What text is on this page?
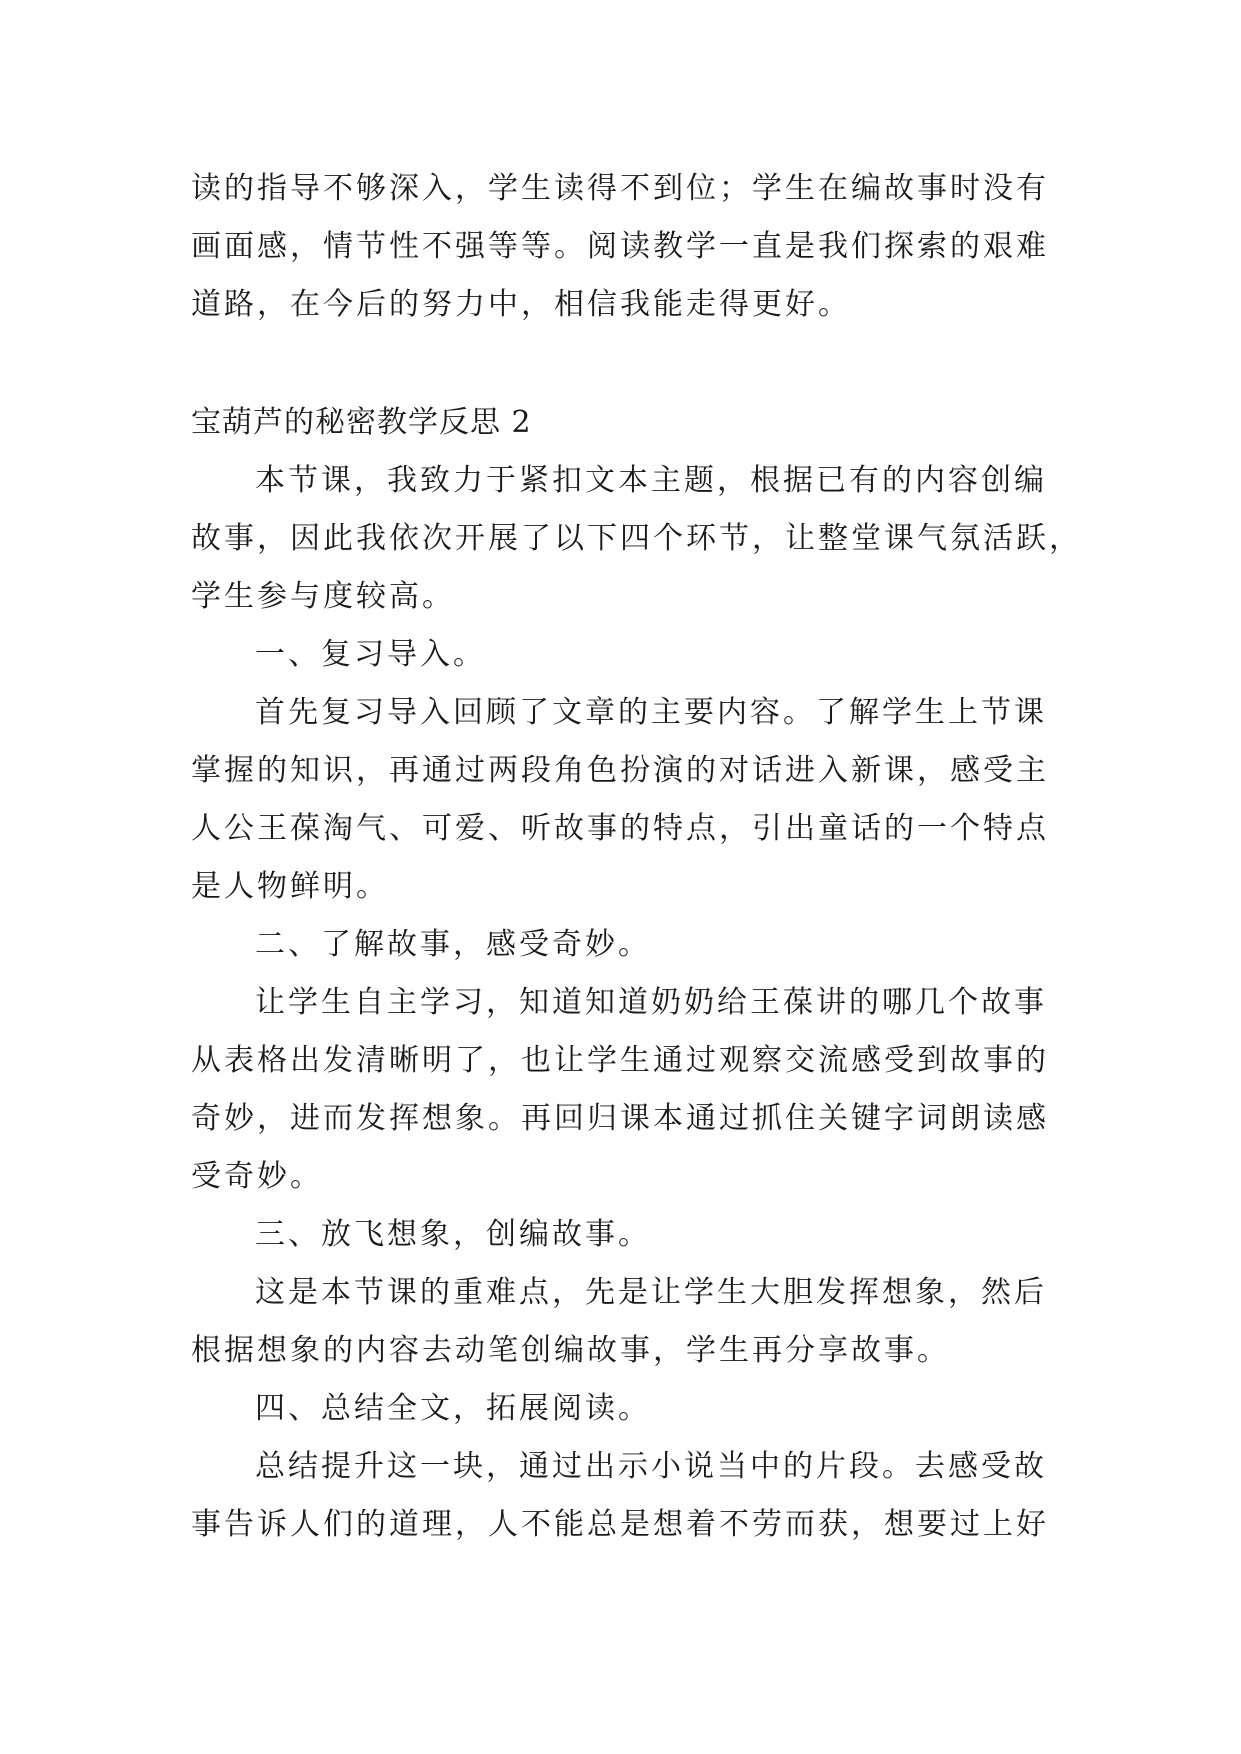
读的指导不够深入，学生读得不到位；学生在编故事时没有
画面感，情节性不强等等。阅读教学一直是我们探索的艰难
道路，在今后的努力中，相信我能走得更好。
宝葫芦的秘密教学反思 2
本节课，我致力于紧扣文本主题，根据已有的内容创编
故事，因此我依次开展了以下四个环节，让整堂课气氛活跃，
学生参与度较高。
一、复习导入。
首先复习导入回顾了文章的主要内容。了解学生上节课
掌握的知识，再通过两段角色扮演的对话进入新课，感受主
人公王葆淘气、可爱、听故事的特点，引出童话的一个特点
是人物鲜明。
二、了解故事，感受奇妙。
让学生自主学习，知道知道奶奶给王葆讲的哪几个故事
从表格出发清晰明了，也让学生通过观察交流感受到故事的
奇妙，进而发挥想象。再回归课本通过抓住关键字词朗读感
受奇妙。
三、放飞想象，创编故事。
这是本节课的重难点，先是让学生大胆发挥想象，然后
根据想象的内容去动笔创编故事，学生再分享故事。
四、总结全文，拓展阅读。
总结提升这一块，通过出示小说当中的片段。去感受故
事告诉人们的道理，人不能总是想着不劳而获，想要过上好
